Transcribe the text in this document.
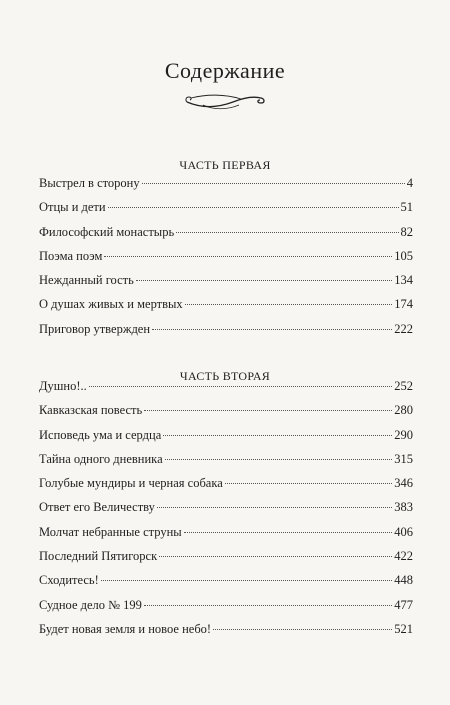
Содержание
ЧАСТЬ ПЕРВАЯ
Выстрел в сторону	4
Отцы и дети	51
Философский монастырь	82
Поэма поэм	105
Нежданный гость	134
О душах живых и мертвых	174
Приговор утвержден	222
ЧАСТЬ ВТОРАЯ
Душно!..	252
Кавказская повесть	280
Исповедь ума и сердца	290
Тайна одного дневника	315
Голубые мундиры и черная собака	346
Ответ его Величеству	383
Молчат небранные струны	406
Последний Пятигорск	422
Сходитесь!	448
Судное дело № 199	477
Будет новая земля и новое небо!	521
